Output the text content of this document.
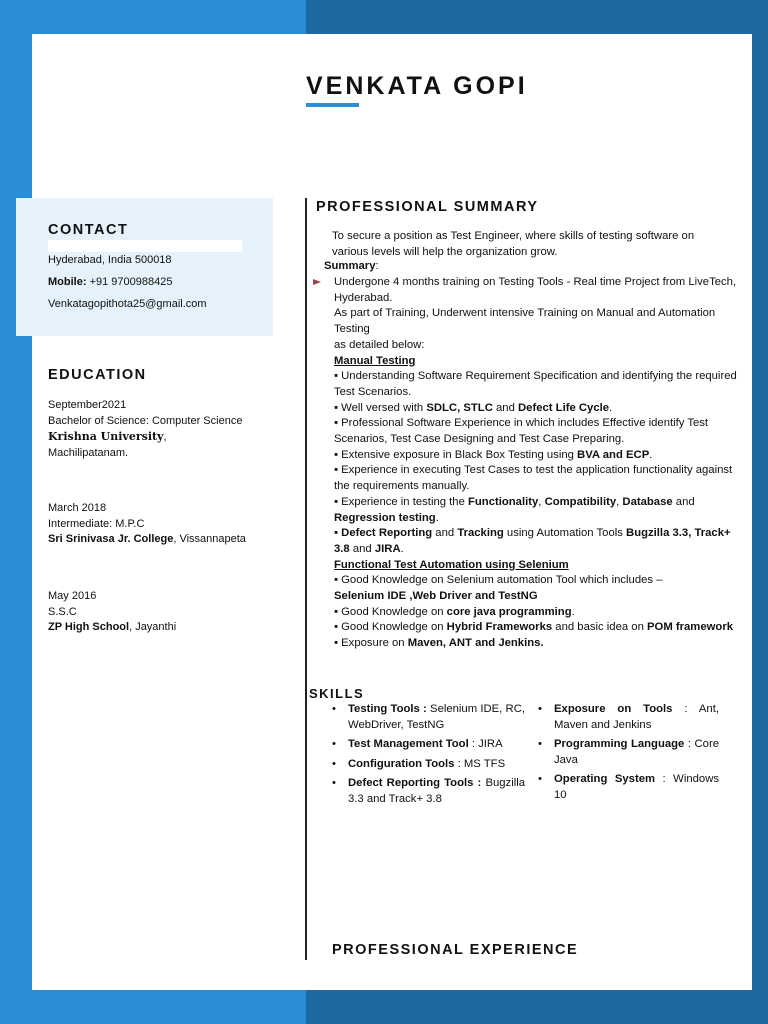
VENKATA GOPI
CONTACT
Hyderabad, India 500018
Mobile: +91 9700988425
Venkatagopithota25@gmail.com
EDUCATION
September2021
Bachelor of Science: Computer Science
Krishna University, Machilipatanam.
March 2018
Intermediate: M.P.C
Sri Srinivasa Jr. College, Vissannapeta
May 2016
S.S.C
ZP High School, Jayanthi
PROFESSIONAL SUMMARY
To secure a position as Test Engineer, where skills of testing software on various levels will help the organization grow.
Summary:

Undergone 4 months training on Testing Tools - Real time Project from LiveTech, Hyderabad.

As part of Training, Underwent intensive Training on Manual and Automation Testing

as detailed below:

Manual Testing

▪ Understanding Software Requirement Specification and identifying the required Test Scenarios.

▪ Well versed with SDLC, STLC and Defect Life Cycle.

▪ Professional Software Experience in which includes Effective identify Test Scenarios, Test Case Designing and Test Case Preparing.

▪ Extensive exposure in Black Box Testing using BVA and ECP.

▪ Experience in executing Test Cases to test the application functionality against the requirements manually.

▪ Experience in testing the Functionality, Compatibility, Database and Regression testing.

▪ Defect Reporting and Tracking using Automation Tools Bugzilla 3.3, Track+ 3.8 and JIRA.

Functional Test Automation using Selenium

▪ Good Knowledge on Selenium automation Tool which includes –

Selenium IDE ,Web Driver and TestNG

▪ Good Knowledge on core java programming.

▪ Good Knowledge on Hybrid Frameworks and basic idea on POM framework

▪ Exposure on Maven, ANT and Jenkins.

SKILLS
• Testing Tools : Selenium IDE, RC, WebDriver, TestNG
• Test Management Tool : JIRA
• Configuration Tools : MS TFS
• Defect Reporting Tools : Bugzilla 3.3 and Track+ 3.8
• Exposure on Tools : Ant, Maven and Jenkins
• Programming Language : Core Java
• Operating System : Windows 10
PROFESSIONAL EXPERIENCE
